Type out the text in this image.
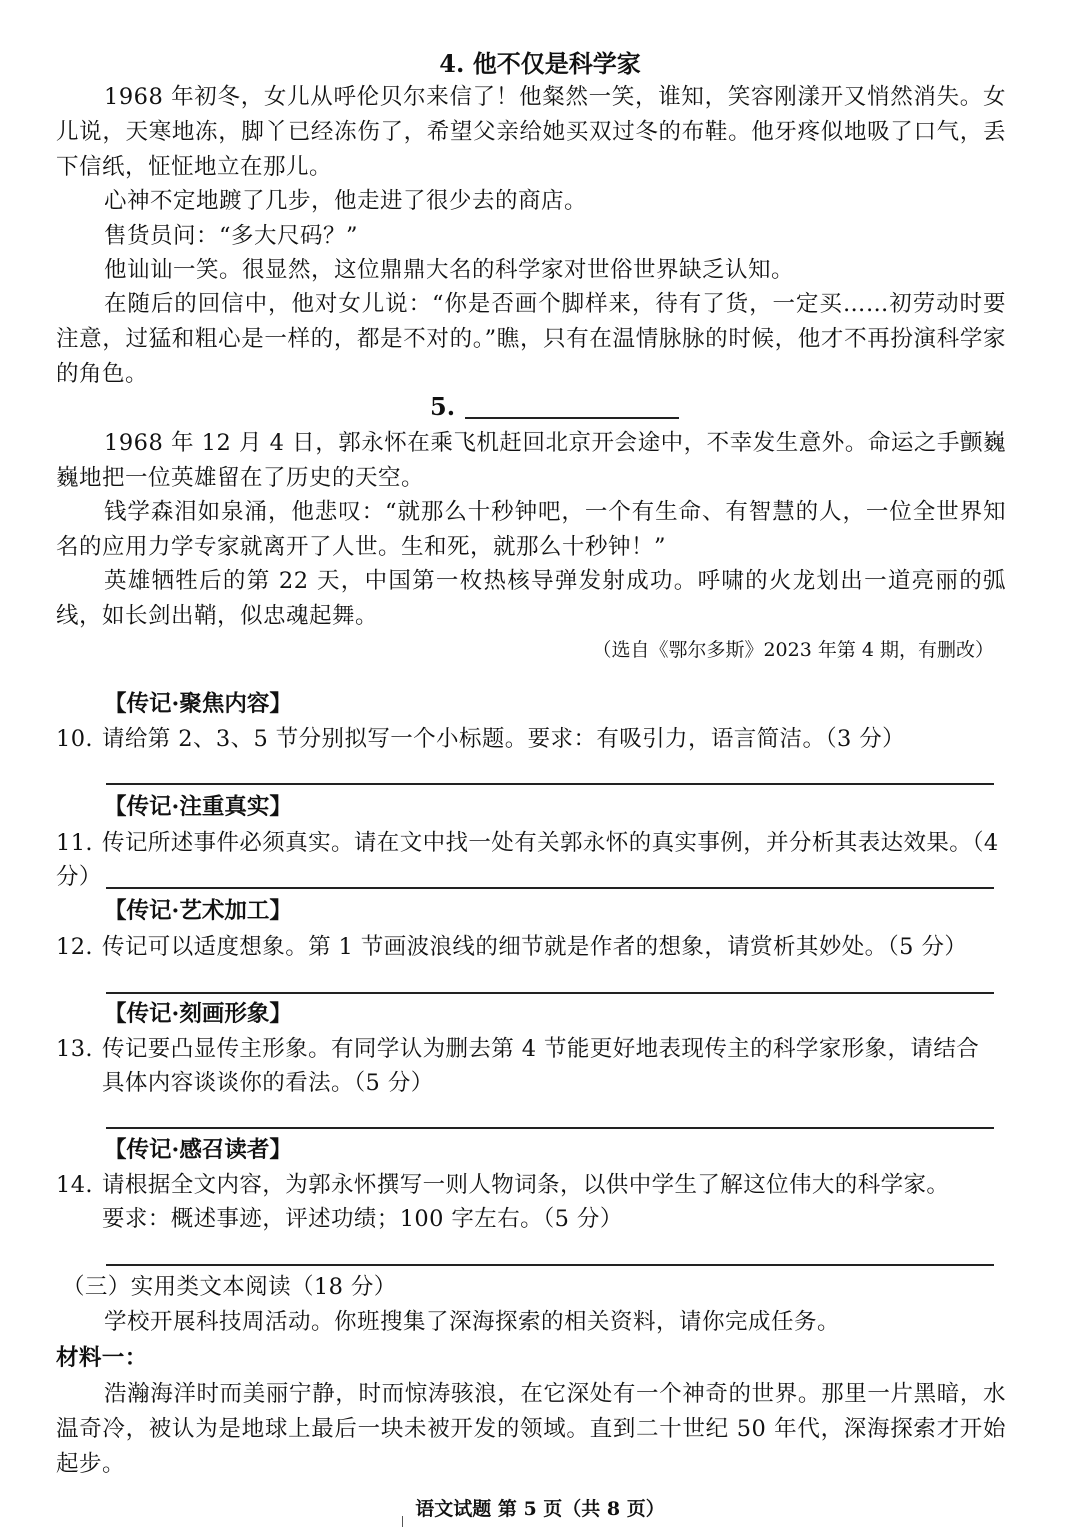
4. 他不仅是科学家

1968 年初冬，女儿从呼伦贝尔来信了！他粲然一笑，谁知，笑容刚漾开又悄然消失。女儿说，天寒地冻，脚丫已经冻伤了，希望父亲给她买双过冬的布鞋。他牙疼似地吸了口气，丢下信纸，怔怔地立在那儿。

心神不定地踱了几步，他走进了很少去的商店。

售货员问：“多大尺码？”

他讪讪一笑。很显然，这位鼎鼎大名的科学家对世俗世界缺乏认知。

在随后的回信中，他对女儿说：“你是否画个脚样来，待有了货，一定买……初劳动时要注意，过猛和粗心是一样的，都是不对的。”瞧，只有在温情脉脉的时候，他才不再扮演科学家的角色。

5.

1968 年 12 月 4 日，郭永怀在乘飞机赶回北京开会途中，不幸发生意外。命运之手颤巍巍地把一位英雄留在了历史的天空。

钱学森泪如泉涌，他悲叹：“就那么十秒钟吧，一个有生命、有智慧的人，一位全世界知名的应用力学专家就离开了人世。生和死，就那么十秒钟！”

英雄牺牲后的第 22 天，中国第一枚热核导弹发射成功。呼啸的火龙划出一道亮丽的弧线，如长剑出鞘，似忠魂起舞。

（选自《鄂尔多斯》2023 年第 4 期，有删改）
【传记·聚焦内容】
10. 请给第 2、3、5 节分别拟写一个小标题。要求：有吸引力，语言简洁。（3 分）
【传记·注重真实】
11. 传记所述事件必须真实。请在文中找一处有关郭永怀的真实事例，并分析其表达效果。（4 分）
【传记·艺术加工】
12. 传记可以适度想象。第 1 节画波浪线的细节就是作者的想象，请赏析其妙处。（5 分）
【传记·刻画形象】
13. 传记要凸显传主形象。有同学认为删去第 4 节能更好地表现传主的科学家形象，请结合
具体内容谈谈你的看法。（5 分）
【传记·感召读者】
14. 请根据全文内容，为郭永怀撰写一则人物词条，以供中学生了解这位伟大的科学家。
要求：概述事迹，评述功绩；100 字左右。（5 分）
（三）实用类文本阅读（18 分）

学校开展科技周活动。你班搜集了深海探索的相关资料，请你完成任务。

材料一：

浩瀚海洋时而美丽宁静，时而惊涛骇浪，在它深处有一个神奇的世界。那里一片黑暗，水温奇冷，被认为是地球上最后一块未被开发的领域。直到二十世纪 50 年代，深海探索才开始起步。

语文试题 第 5 页（共 8 页）
